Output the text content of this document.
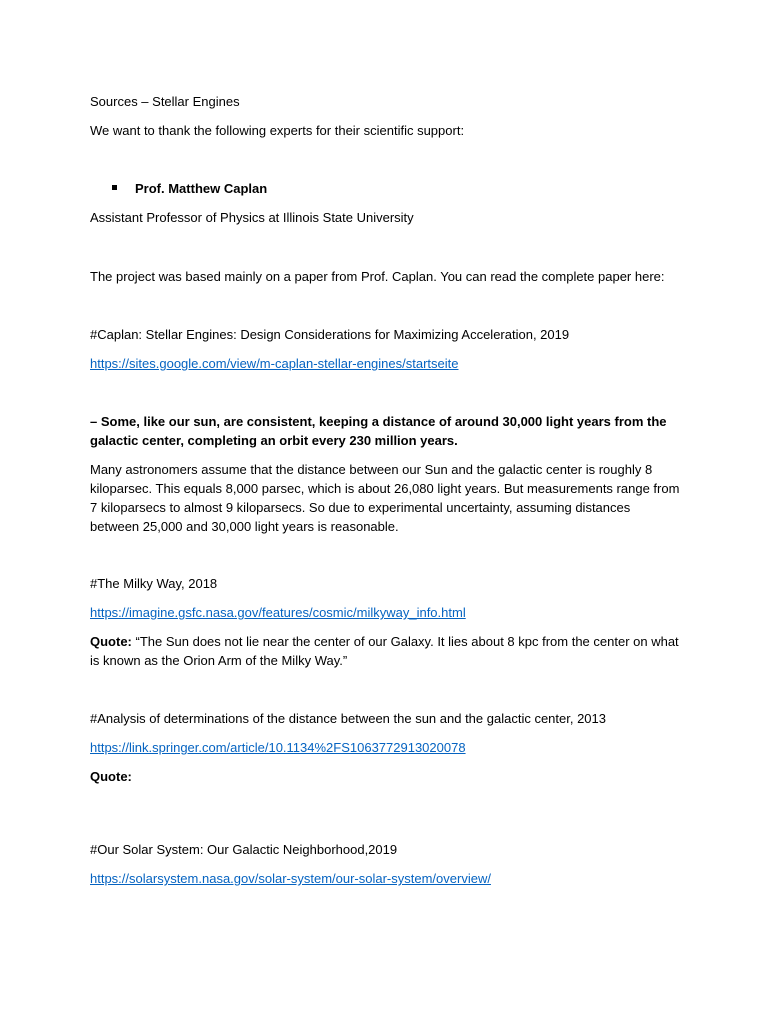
Sources – Stellar Engines

We want to thank the following experts for their scientific support:

Prof. Matthew Caplan

Assistant Professor of Physics at Illinois State University

The project was based mainly on a paper from Prof. Caplan. You can read the complete paper here:

#Caplan: Stellar Engines: Design Considerations for Maximizing Acceleration, 2019

https://sites.google.com/view/m-caplan-stellar-engines/startseite

– Some, like our sun, are consistent, keeping a distance of around 30,000 light years from the galactic center, completing an orbit every 230 million years.

Many astronomers assume that the distance between our Sun and the galactic center is roughly 8 kiloparsec. This equals 8,000 parsec, which is about 26,080 light years. But measurements range from 7 kiloparsecs to almost 9 kiloparsecs. So due to experimental uncertainty, assuming distances between 25,000 and 30,000 light years is reasonable.

#The Milky Way, 2018

https://imagine.gsfc.nasa.gov/features/cosmic/milkyway_info.html

Quote: “The Sun does not lie near the center of our Galaxy. It lies about 8 kpc from the center on what is known as the Orion Arm of the Milky Way.”

#Analysis of determinations of the distance between the sun and the galactic center, 2013

https://link.springer.com/article/10.1134%2FS1063772913020078

Quote:

#Our Solar System: Our Galactic Neighborhood,2019

https://solarsystem.nasa.gov/solar-system/our-solar-system/overview/
